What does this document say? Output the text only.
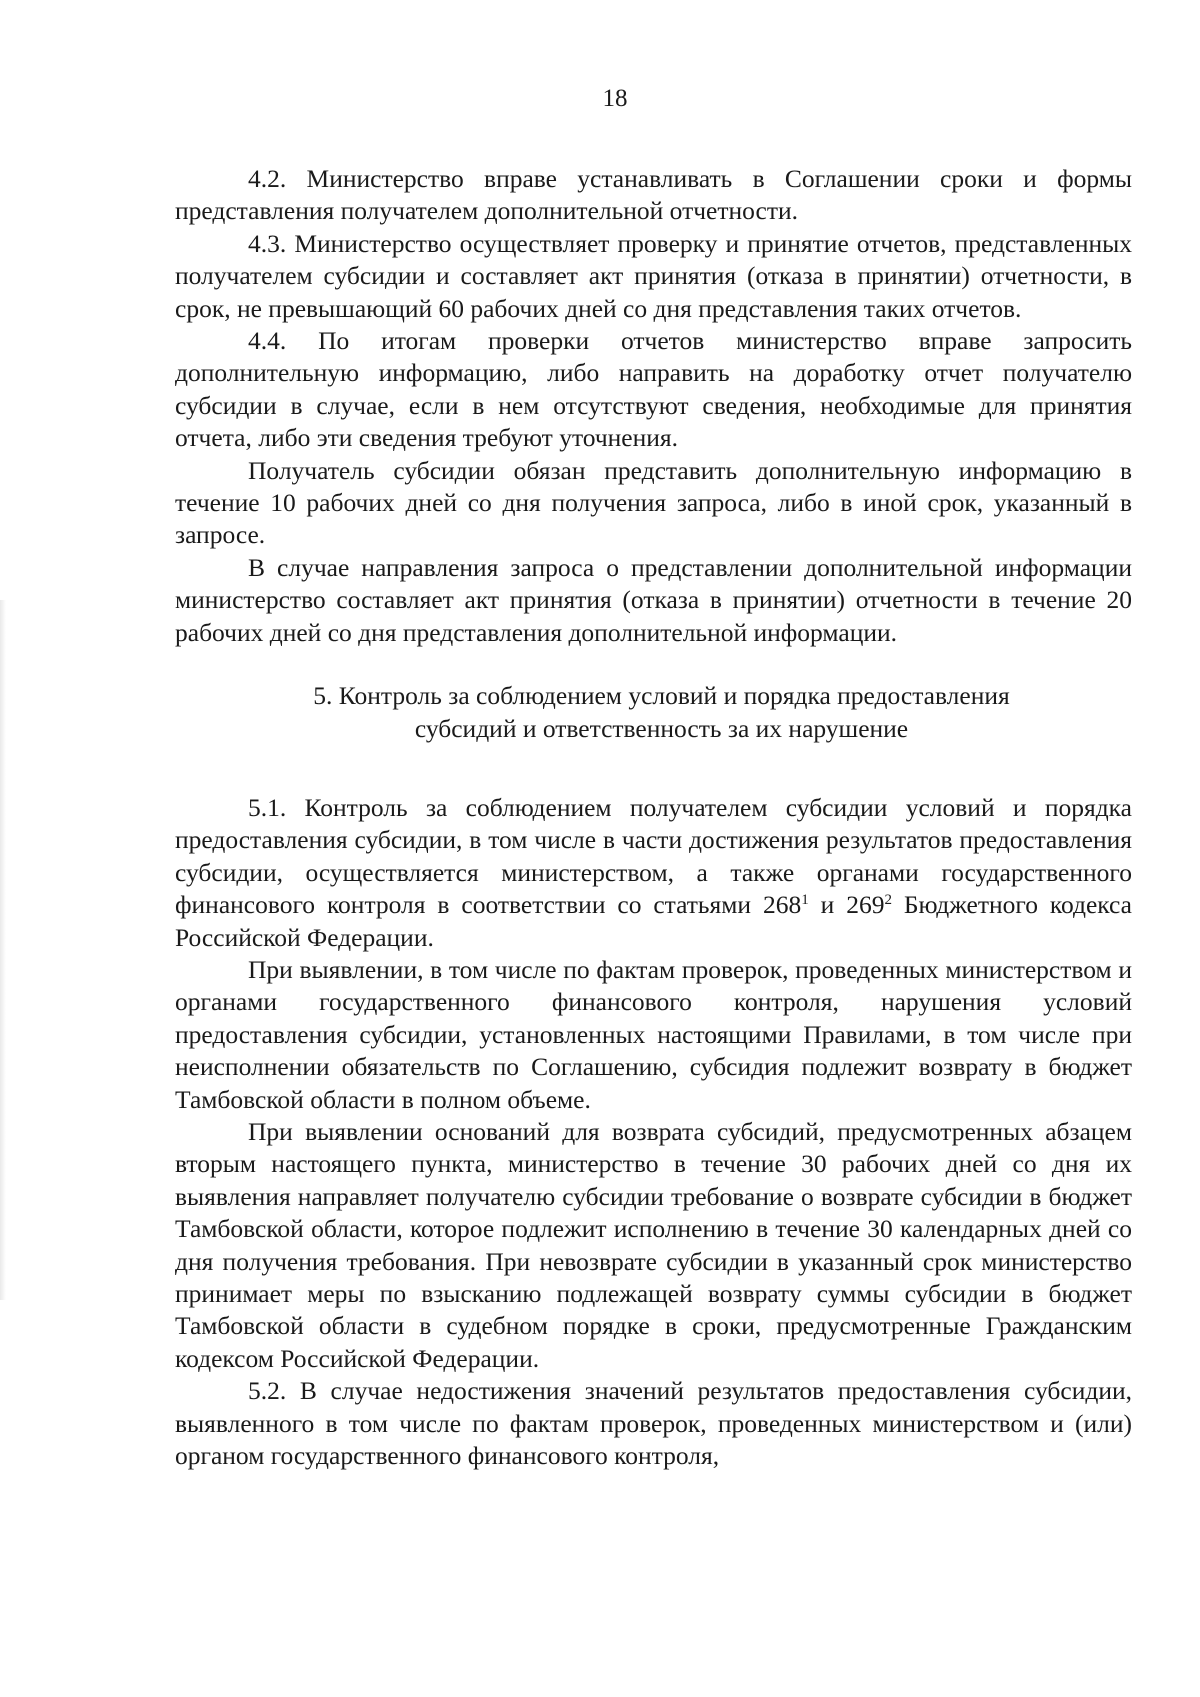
18

4.2. Министерство вправе устанавливать в Соглашении сроки и формы представления получателем дополнительной отчетности.

4.3. Министерство осуществляет проверку и принятие отчетов, представленных получателем субсидии и составляет акт принятия (отказа в принятии) отчетности, в срок, не превышающий 60 рабочих дней со дня представления таких отчетов.

4.4. По итогам проверки отчетов министерство вправе запросить дополнительную информацию, либо направить на доработку отчет получателю субсидии в случае, если в нем отсутствуют сведения, необходимые для принятия отчета, либо эти сведения требуют уточнения.

Получатель субсидии обязан представить дополнительную информацию в течение 10 рабочих дней со дня получения запроса, либо в иной срок, указанный в запросе.

В случае направления запроса о представлении дополнительной информации министерство составляет акт принятия (отказа в принятии) отчетности в течение 20 рабочих дней со дня представления дополнительной информации.

5. Контроль за соблюдением условий и порядка предоставления
субсидий и ответственность за их нарушение

5.1. Контроль за соблюдением получателем субсидии условий и порядка предоставления субсидии, в том числе в части достижения результатов предоставления субсидии, осуществляется министерством, а также органами государственного финансового контроля в соответствии со статьями $268^1$ и $269^2$ Бюджетного кодекса Российской Федерации.

При выявлении, в том числе по фактам проверок, проведенных министерством и органами государственного финансового контроля, нарушения условий предоставления субсидии, установленных настоящими Правилами, в том числе при неисполнении обязательств по Соглашению, субсидия подлежит возврату в бюджет Тамбовской области в полном объеме.

При выявлении оснований для возврата субсидий, предусмотренных абзацем вторым настоящего пункта, министерство в течение 30 рабочих дней со дня их выявления направляет получателю субсидии требование о возврате субсидии в бюджет Тамбовской области, которое подлежит исполнению в течение 30 календарных дней со дня получения требования. При невозврате субсидии в указанный срок министерство принимает меры по взысканию подлежащей возврату суммы субсидии в бюджет Тамбовской области в судебном порядке в сроки, предусмотренные Гражданским кодексом Российской Федерации.

5.2. В случае недостижения значений результатов предоставления субсидии, выявленного в том числе по фактам проверок, проведенных министерством и (или) органом государственного финансового контроля,
